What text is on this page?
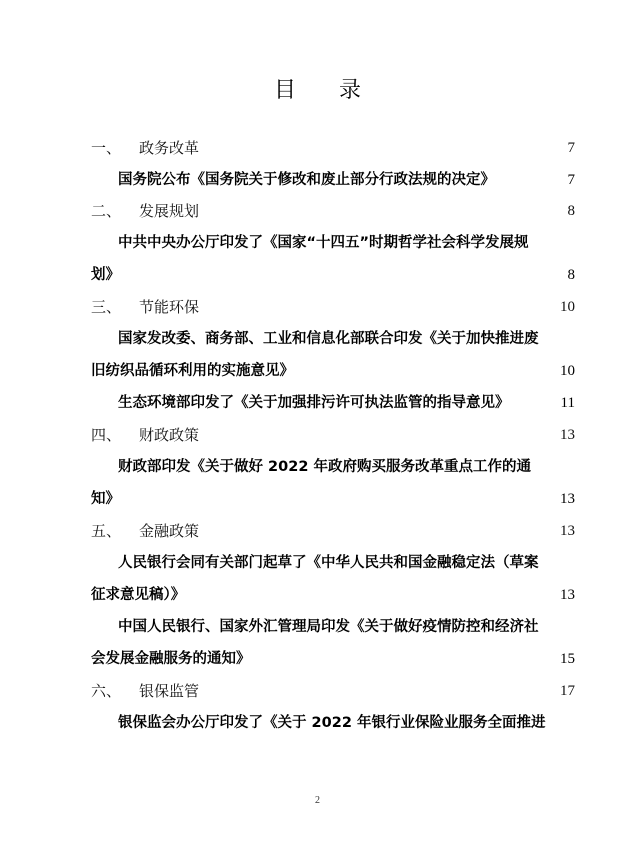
目 录
一、 政务改革	7
国务院公布《国务院关于修改和废止部分行政法规的决定》	7
二、 发展规划	8
中共中央办公厅印发了《国家“十四五”时期哲学社会科学发展规
划》	8
三、 节能环保	10
国家发改委、商务部、工业和信息化部联合印发《关于加快推进废
旧纺织品循环利用的实施意见》	10
生态环境部印发了《关于加强排污许可执法监管的指导意见》	11
四、 财政政策	13
财政部印发《关于做好 2022 年政府购买服务改革重点工作的通
知》	13
五、 金融政策	13
人民银行会同有关部门起草了《中华人民共和国金融稳定法（草案
征求意见稿）》	13
中国人民银行、国家外汇管理局印发《关于做好疫情防控和经济社
会发展金融服务的通知》	15
六、 银保监管	17
银保监会办公厅印发了《关于 2022 年银行业保险业服务全面推进
2
